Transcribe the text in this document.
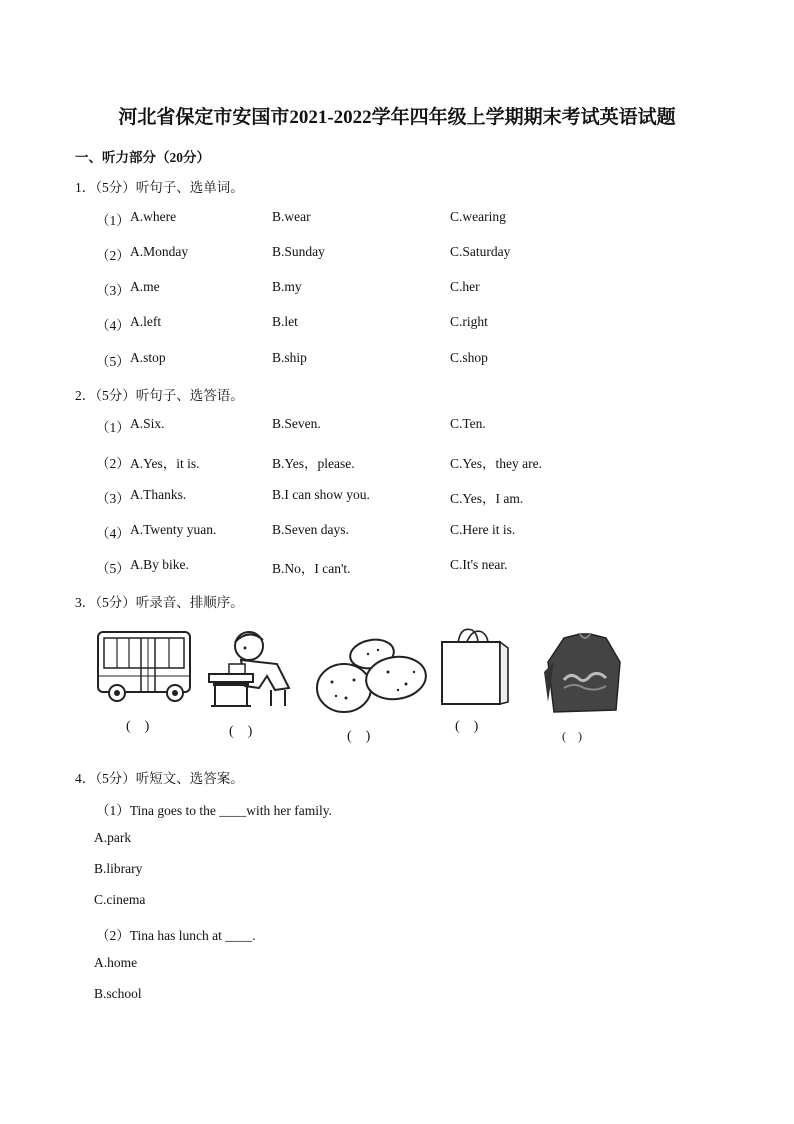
河北省保定市安国市2021-2022学年四年级上学期期末考试英语试题
一、听力部分（20分）
1．（5分）听句子、选单词。
（1） A.where	B.wear	C.wearing
（2） A.Monday	B.Sunday	C.Saturday
（3） A.me	B.my	C.her
（4） A.left	B.let	C.right
（5） A.stop	B.ship	C.shop
2．（5分）听句子、选答语。
（1） A.Six.	B.Seven.	C.Ten.
（2） A.Yes，it is.	B.Yes，please.	C.Yes，they are.
（3） A.Thanks.	B.I can show you.	C.Yes，I am.
（4） A.Twenty yuan.	B.Seven days.	C.Here it is.
（5） A.By bike.	B.No，I can't.	C.It's near.
3．（5分）听录音、排顺序。
(    )	(    )	(    )
(    )
(    )
4．（5分）听短文、选答案。
（1）Tina goes to the ____with her family.
A.park
B.library
C.cinema
（2）Tina has lunch at ____.
A.home
B.school
